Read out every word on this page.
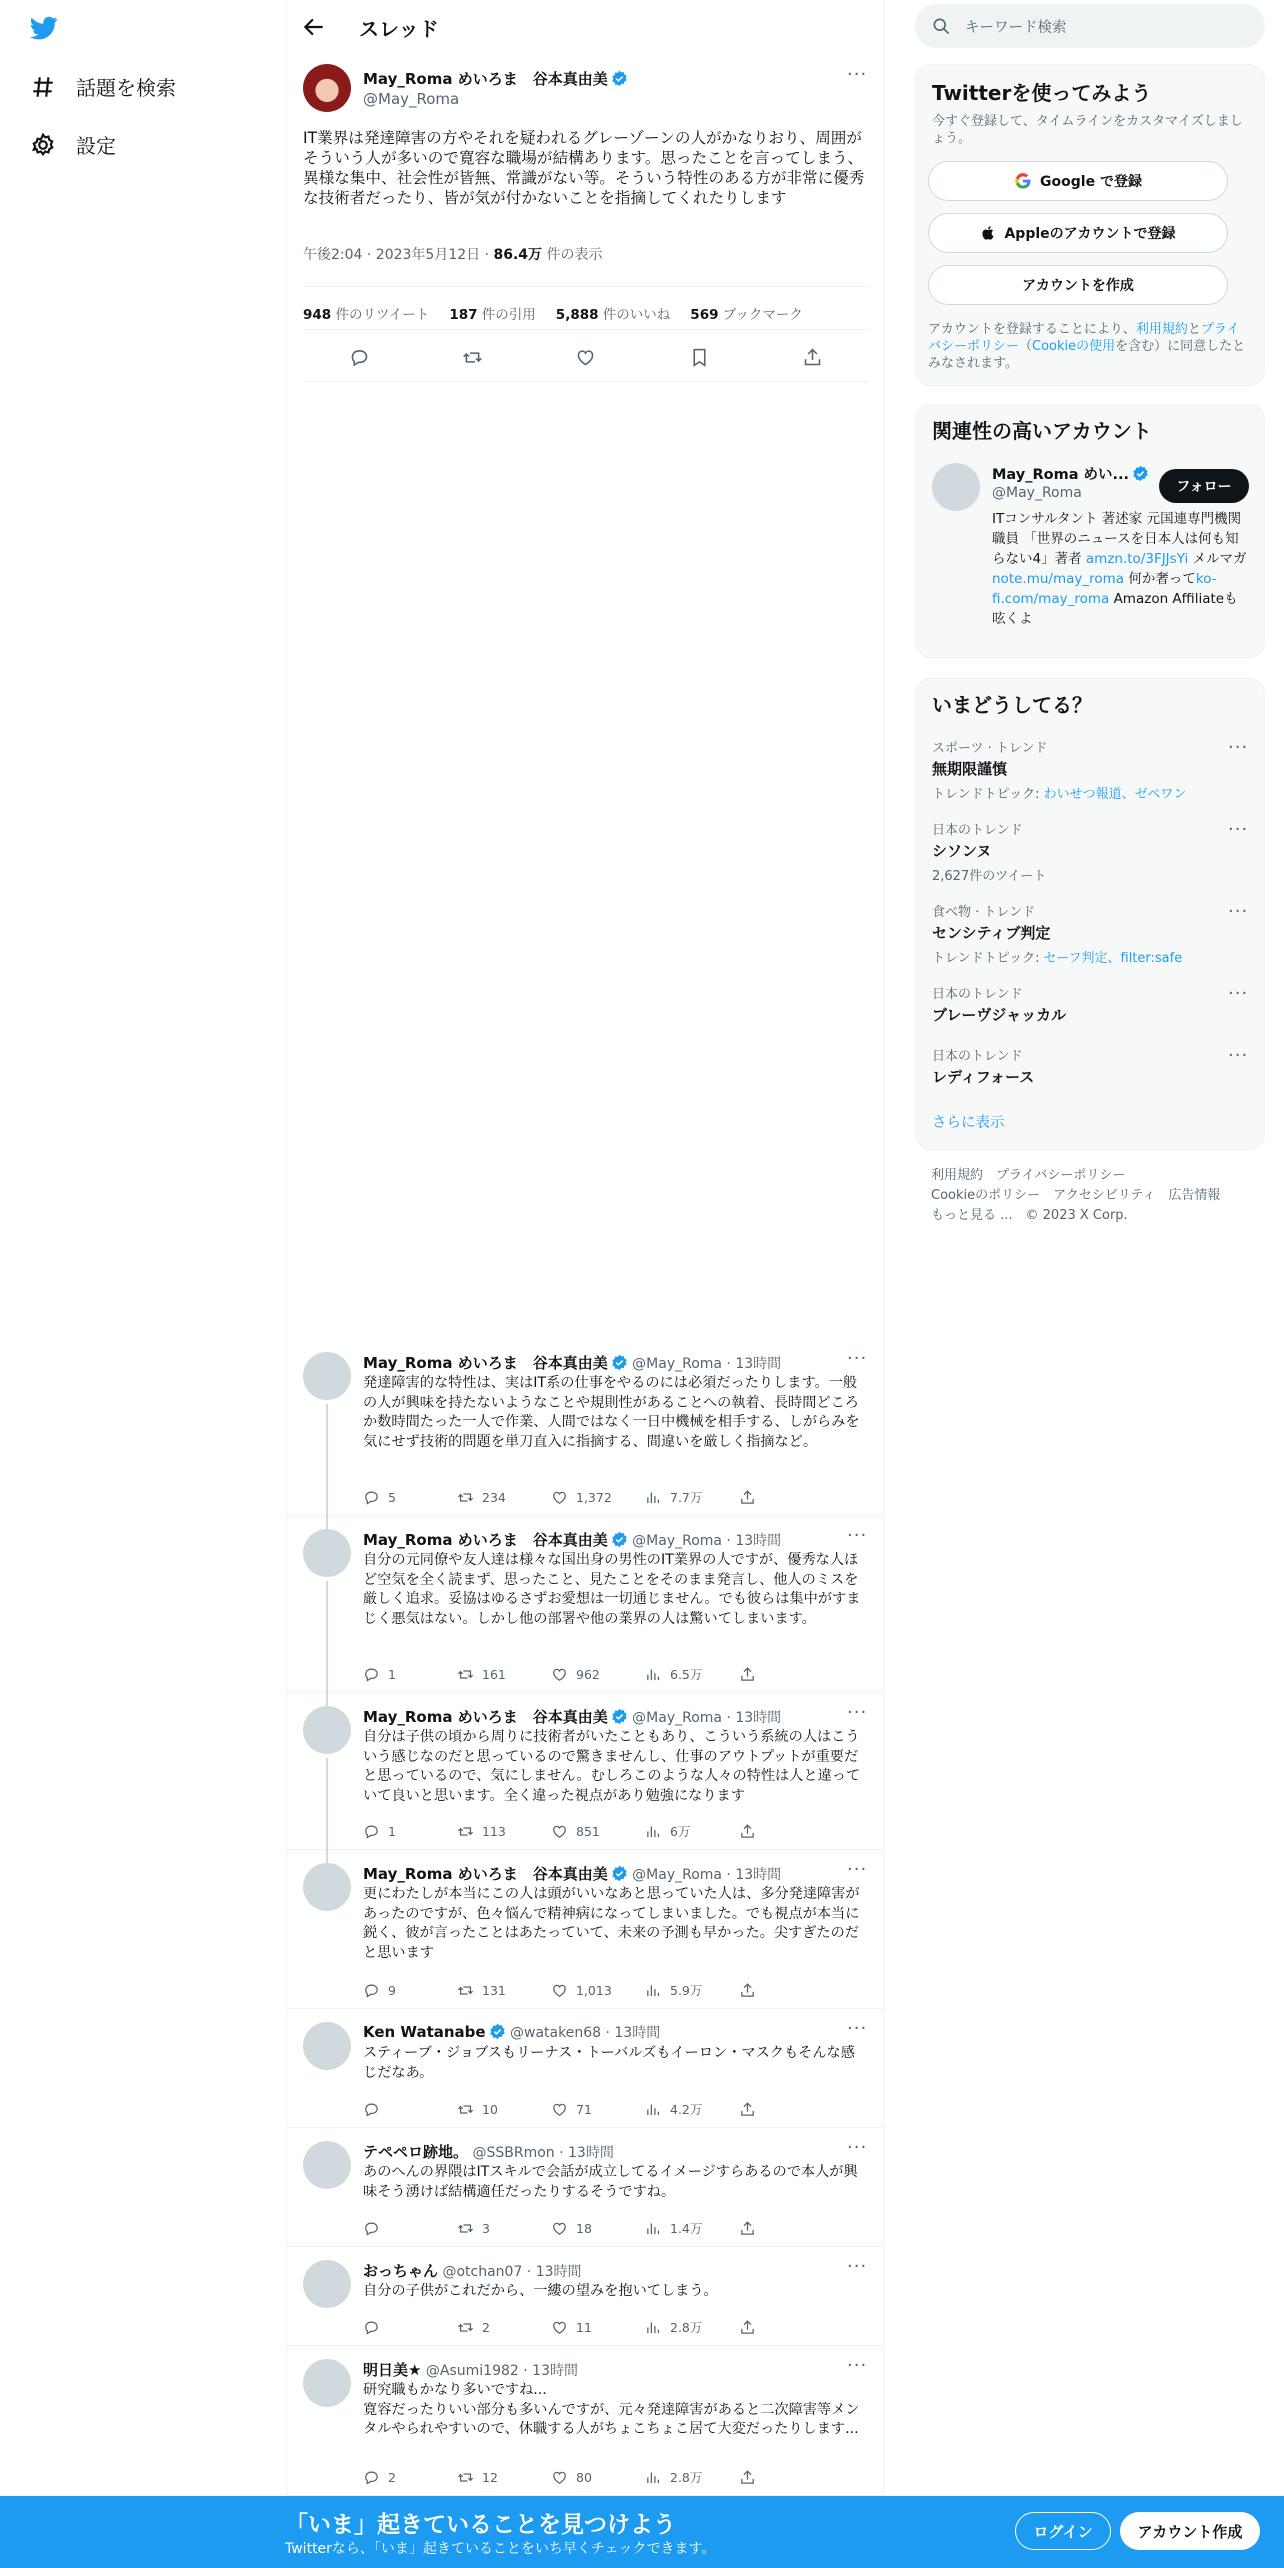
話題を検索
設定
スレッド
May_Roma めいろま　谷本真由美
@May_Roma
···
IT業界は発達障害の方やそれを疑われるグレーゾーンの人がかなりおり、周囲がそういう人が多いので寛容な職場が結構あります。思ったことを言ってしまう、異様な集中、社会性が皆無、常識がない等。そういう特性のある方が非常に優秀な技術者だったり、皆が気が付かないことを指摘してくれたりします
午後2:04 · 2023年5月12日 · 86.4万 件の表示
948 件のリツイート 187 件の引用 5,888 件のいいね 569 ブックマーク
May_Roma めいろま　谷本真由美 @May_Roma · 13時間	···
発達障害的な特性は、実はIT系の仕事をやるのには必須だったりします。一般の人が興味を持たないようなことや規則性があることへの執着、長時間どころか数時間たった一人で作業、人間ではなく一日中機械を相手する、しがらみを気にせず技術的問題を単刀直入に指摘する、間違いを厳しく指摘など。
5	234	1,372	7.7万
May_Roma めいろま　谷本真由美 @May_Roma · 13時間	···
自分の元同僚や友人達は様々な国出身の男性のIT業界の人ですが、優秀な人ほど空気を全く読まず、思ったこと、見たことをそのまま発言し、他人のミスを厳しく追求。妥協はゆるさずお愛想は一切通じません。でも彼らは集中がすまじく悪気はない。しかし他の部署や他の業界の人は驚いてしまいます。
1	161	962	6.5万
May_Roma めいろま　谷本真由美 @May_Roma · 13時間	···
自分は子供の頃から周りに技術者がいたこともあり、こういう系統の人はこういう感じなのだと思っているので驚きませんし、仕事のアウトプットが重要だと思っているので、気にしません。むしろこのような人々の特性は人と違っていて良いと思います。全く違った視点があり勉強になります
1	113	851	6万
May_Roma めいろま　谷本真由美 @May_Roma · 13時間	···
更にわたしが本当にこの人は頭がいいなあと思っていた人は、多分発達障害があったのですが、色々悩んで精神病になってしまいました。でも視点が本当に鋭く、彼が言ったことはあたっていて、未来の予測も早かった。尖すぎたのだと思います
9	131	1,013	5.9万
Ken Watanabe @wataken68 · 13時間	···
スティーブ・ジョブスもリーナス・トーバルズもイーロン・マスクもそんな感じだなあ。
10	71	4.2万
テペペロ跡地。 @SSBRmon · 13時間	···
あのへんの界隈はITスキルで会話が成立してるイメージすらあるので本人が興味そう湧けば結構適任だったりするそうですね。
3	18	1.4万
おっちゃん @otchan07 · 13時間	···
自分の子供がこれだから、一縷の望みを抱いてしまう。
2	11	2.8万
明日美★ @Asumi1982 · 13時間	···
研究職もかなり多いですね...
寛容だったりいい部分も多いんですが、元々発達障害があると二次障害等メンタルやられやすいので、休職する人がちょこちょこ居て大変だったりします...
2	12	80	2.8万
キーワード検索
Twitterを使ってみよう
今すぐ登録して、タイムラインをカスタマイズしましょう。
Google で登録
Appleのアカウントで登録
アカウントを作成
アカウントを登録することにより、利用規約とプライバシーポリシー（Cookieの使用を含む）に同意したとみなされます。
関連性の高いアカウント
May_Roma めい...
@May_Roma	フォロー
ITコンサルタント 著述家 元国連専門機関職員 「世界のニュースを日本人は何も知らない4」著者 amzn.to/3FJJsYi メルマガ note.mu/may_roma 何か奢ってko-fi.com/may_roma Amazon Affiliateも呟くよ
いまどうしてる？
スポーツ · トレンド
無期限謹慎
トレンドトピック: わいせつ報道、ゼペワン
···
日本のトレンド
シソンヌ
2,627件のツイート
···
食べ物 · トレンド
センシティブ判定
トレンドトピック: セーフ判定、filter:safe
···
日本のトレンド
ブレーヴジャッカル
···
日本のトレンド
レディフォース
···
さらに表示
利用規約　プライバシーポリシー
Cookieのポリシー　アクセシビリティ　広告情報
もっと見る ...　© 2023 X Corp.
「いま」起きていることを見つけよう
Twitterなら、「いま」起きていることをいち早くチェックできます。
ログイン	アカウント作成
